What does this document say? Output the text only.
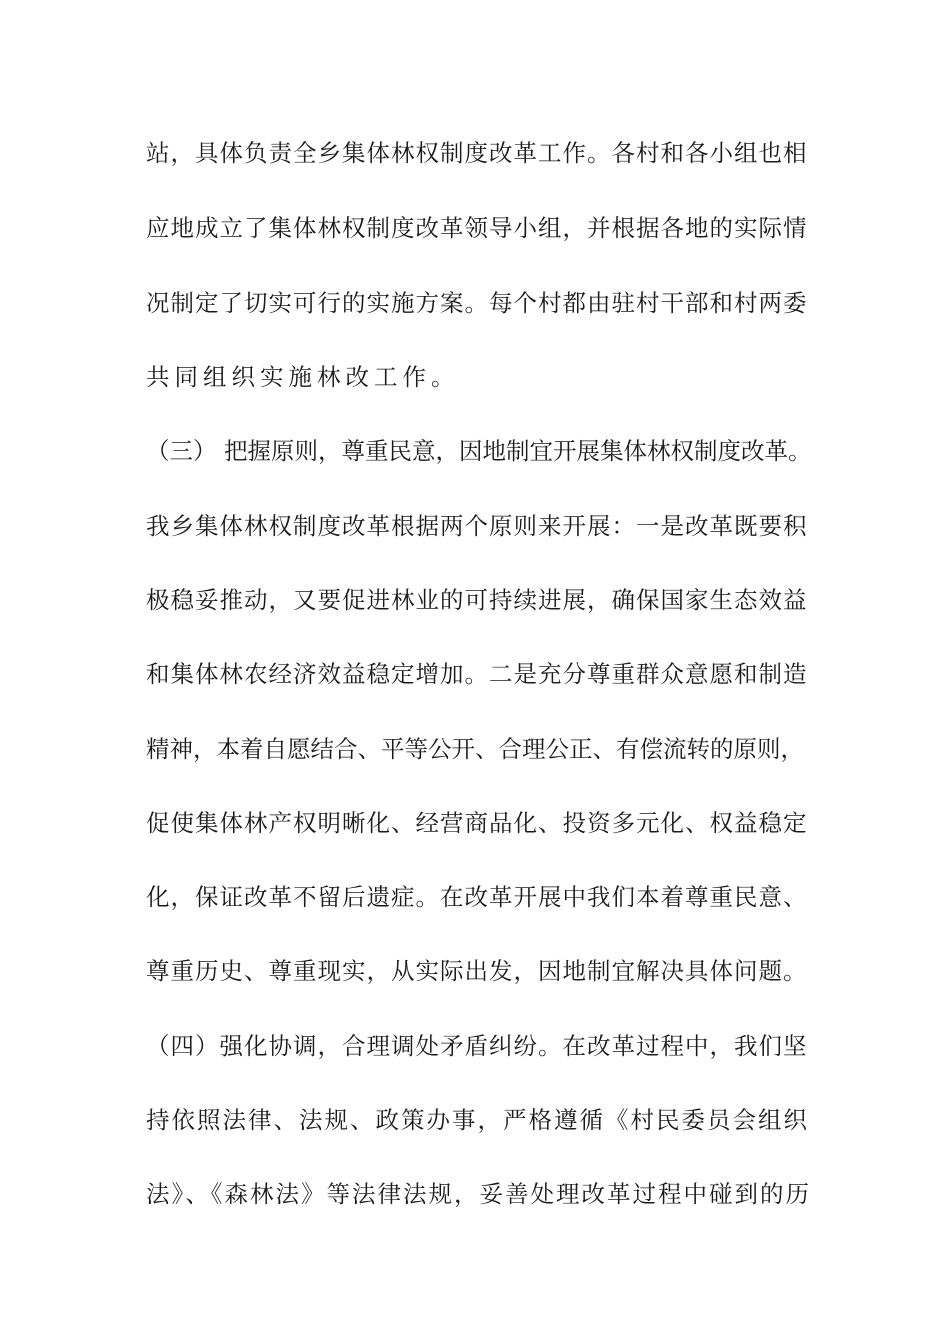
站，具体负责全乡集体林权制度改革工作。各村和各小组也相
应地成立了集体林权制度改革领导小组，并根据各地的实际情
况制定了切实可行的实施方案。每个村都由驻村干部和村两委
共同组织实施林改工作。
（三） 把握原则，尊重民意，因地制宜开展集体林权制度改革。
我乡集体林权制度改革根据两个原则来开展：一是改革既要积
极稳妥推动，又要促进林业的可持续进展，确保国家生态效益
和集体林农经济效益稳定增加。二是充分尊重群众意愿和制造
精神，本着自愿结合、平等公开、合理公正、有偿流转的原则，
促使集体林产权明晰化、经营商品化、投资多元化、权益稳定
化，保证改革不留后遗症。在改革开展中我们本着尊重民意、
尊重历史、尊重现实，从实际出发，因地制宜解决具体问题。
（四）强化协调，合理调处矛盾纠纷。在改革过程中，我们坚
持依照法律、法规、政策办事，严格遵循《村民委员会组织
法》、《森林法》等法律法规，妥善处理改革过程中碰到的历
